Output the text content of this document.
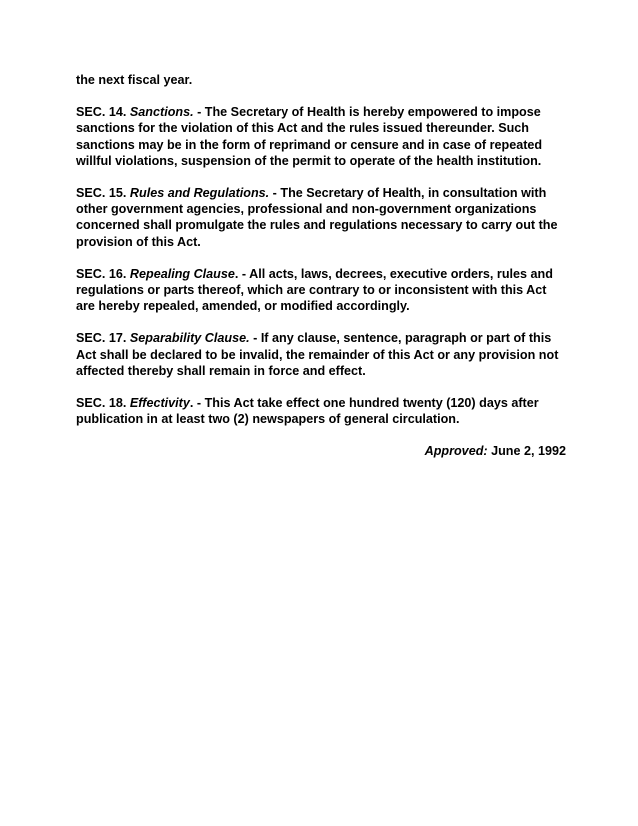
the next fiscal year.

SEC. 14. Sanctions. - The Secretary of Health is hereby empowered to impose sanctions for the violation of this Act and the rules issued thereunder. Such sanctions may be in the form of reprimand or censure and in case of repeated willful violations, suspension of the permit to operate of the health institution.

SEC. 15. Rules and Regulations. - The Secretary of Health, in consultation with other government agencies, professional and non-government organizations concerned shall promulgate the rules and regulations necessary to carry out the provision of this Act.

SEC. 16. Repealing Clause. - All acts, laws, decrees, executive orders, rules and regulations or parts thereof, which are contrary to or inconsistent with this Act are hereby repealed, amended, or modified accordingly.

SEC. 17. Separability Clause. - If any clause, sentence, paragraph or part of this Act shall be declared to be invalid, the remainder of this Act or any provision not affected thereby shall remain in force and effect.

SEC. 18. Effectivity. - This Act take effect one hundred twenty (120) days after publication in at least two (2) newspapers of general circulation.

Approved: June 2, 1992
